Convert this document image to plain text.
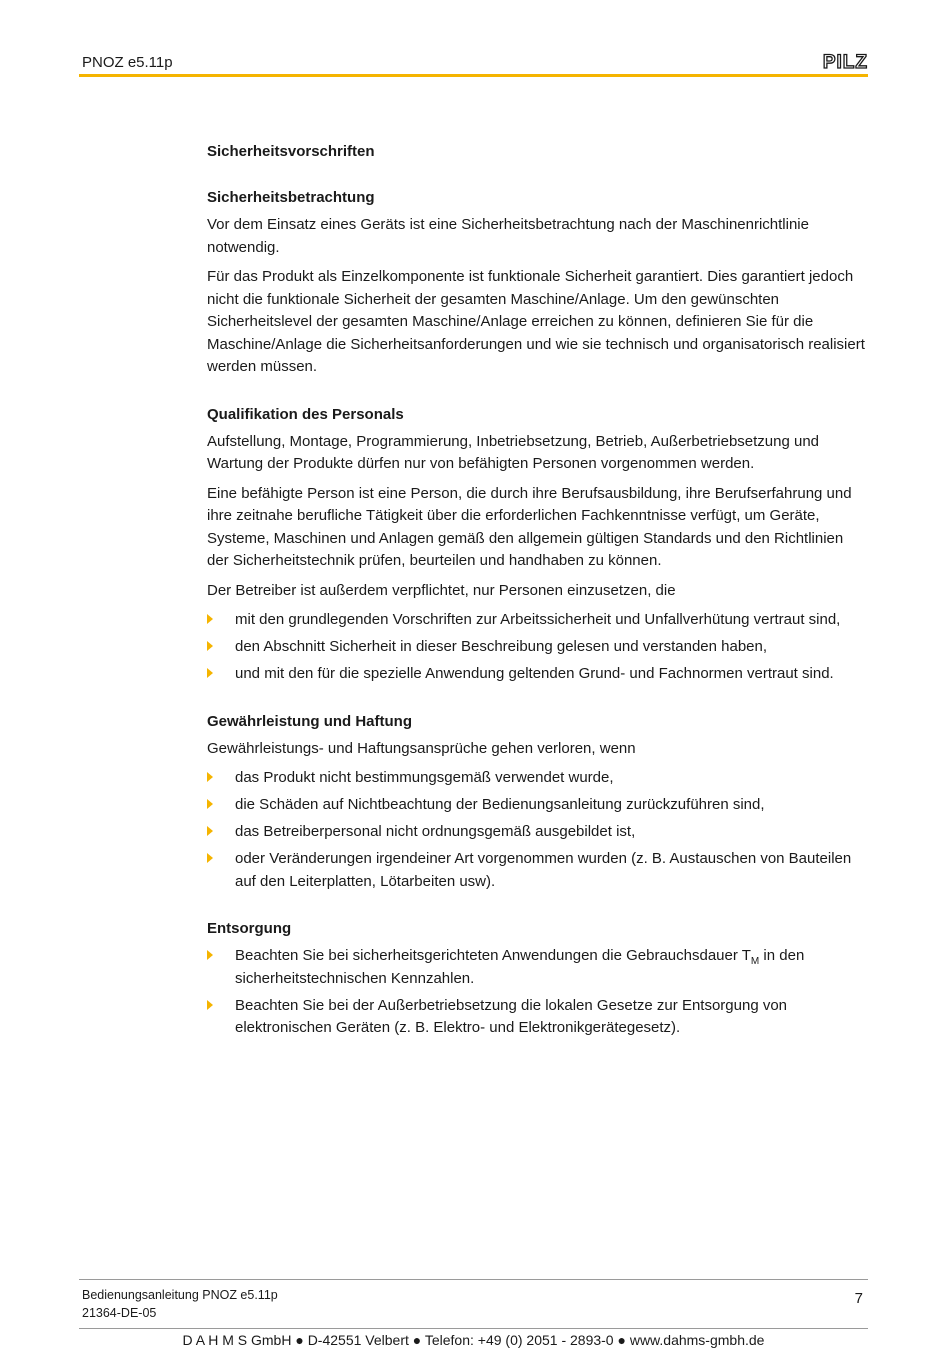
PNOZ e5.11p	PILZ
Sicherheitsvorschriften
Sicherheitsbetrachtung

Vor dem Einsatz eines Geräts ist eine Sicherheitsbetrachtung nach der Maschinenrichtlinie notwendig.

Für das Produkt als Einzelkomponente ist funktionale Sicherheit garantiert. Dies garantiert jedoch nicht die funktionale Sicherheit der gesamten Maschine/Anlage. Um den gewünschten Sicherheitslevel der gesamten Maschine/Anlage erreichen zu können, definieren Sie für die Maschine/Anlage die Sicherheitsanforderungen und wie sie technisch und organisatorisch realisiert werden müssen.

Qualifikation des Personals

Aufstellung, Montage, Programmierung, Inbetriebsetzung, Betrieb, Außerbetriebsetzung und Wartung der Produkte dürfen nur von befähigten Personen vorgenommen werden.

Eine befähigte Person ist eine Person, die durch ihre Berufsausbildung, ihre Berufserfahrung und ihre zeitnahe berufliche Tätigkeit über die erforderlichen Fachkenntnisse verfügt, um Geräte, Systeme, Maschinen und Anlagen gemäß den allgemein gültigen Standards und den Richtlinien der Sicherheitstechnik prüfen, beurteilen und handhaben zu können.

Der Betreiber ist außerdem verpflichtet, nur Personen einzusetzen, die

mit den grundlegenden Vorschriften zur Arbeitssicherheit und Unfallverhütung vertraut sind,
den Abschnitt Sicherheit in dieser Beschreibung gelesen und verstanden haben,
und mit den für die spezielle Anwendung geltenden Grund- und Fachnormen vertraut sind.
Gewährleistung und Haftung

Gewährleistungs- und Haftungsansprüche gehen verloren, wenn

das Produkt nicht bestimmungsgemäß verwendet wurde,
die Schäden auf Nichtbeachtung der Bedienungsanleitung zurückzuführen sind,
das Betreiberpersonal nicht ordnungsgemäß ausgebildet ist,
oder Veränderungen irgendeiner Art vorgenommen wurden (z. B. Austauschen von Bauteilen auf den Leiterplatten, Lötarbeiten usw).
Entsorgung
Beachten Sie bei sicherheitsgerichteten Anwendungen die Gebrauchsdauer $T_M$ in den sicherheitstechnischen Kennzahlen.
Beachten Sie bei der Außerbetriebsetzung die lokalen Gesetze zur Entsorgung von elektronischen Geräten (z. B. Elektro- und Elektronikgerätegesetz).
Bedienungsanleitung PNOZ e5.11p
21364-DE-05
7
D A H M S GmbH ● D-42551 Velbert ● Telefon: +49 (0) 2051 - 2893-0 ● www.dahms-gmbh.de
